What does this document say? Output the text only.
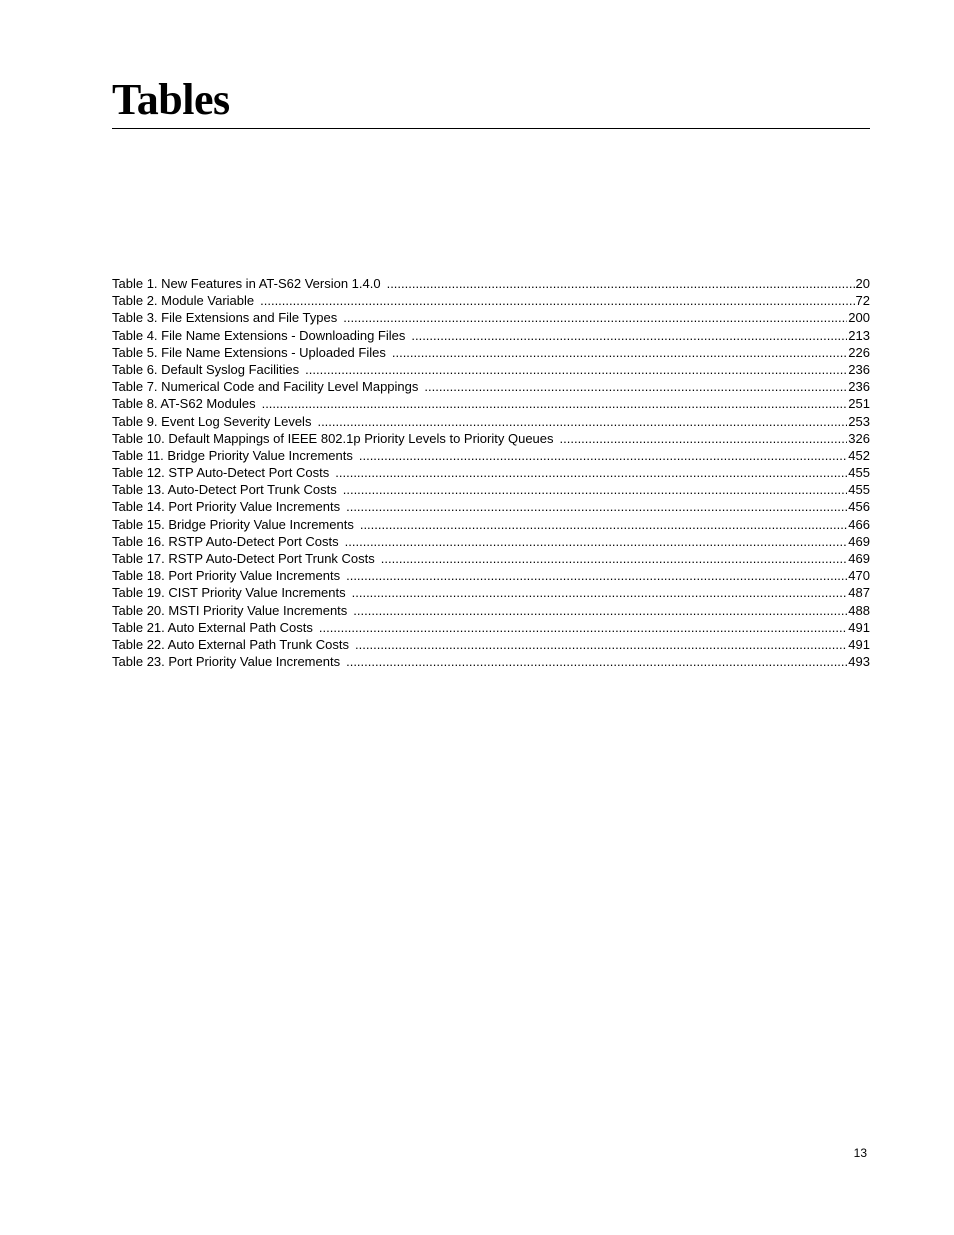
Tables
Table 1. New Features in AT-S62 Version 1.4.0 .....	20
Table 2. Module Variable .....	72
Table 3. File Extensions and File Types .....	200
Table 4. File Name Extensions - Downloading Files .....	213
Table 5. File Name Extensions - Uploaded Files .....	226
Table 6. Default Syslog Facilities .....	236
Table 7. Numerical Code and Facility Level Mappings .....	236
Table 8. AT-S62 Modules .....	251
Table 9. Event Log Severity Levels .....	253
Table 10. Default Mappings of IEEE 802.1p Priority Levels to Priority Queues .....	326
Table 11. Bridge Priority Value Increments .....	452
Table 12. STP Auto-Detect Port Costs .....	455
Table 13. Auto-Detect Port Trunk Costs .....	455
Table 14. Port Priority Value Increments .....	456
Table 15. Bridge Priority Value Increments .....	466
Table 16. RSTP Auto-Detect Port Costs .....	469
Table 17. RSTP Auto-Detect Port Trunk Costs .....	469
Table 18. Port Priority Value Increments .....	470
Table 19. CIST Priority Value Increments .....	487
Table 20. MSTI Priority Value Increments .....	488
Table 21. Auto External Path Costs .....	491
Table 22. Auto External Path Trunk Costs .....	491
Table 23. Port Priority Value Increments .....	493
13
